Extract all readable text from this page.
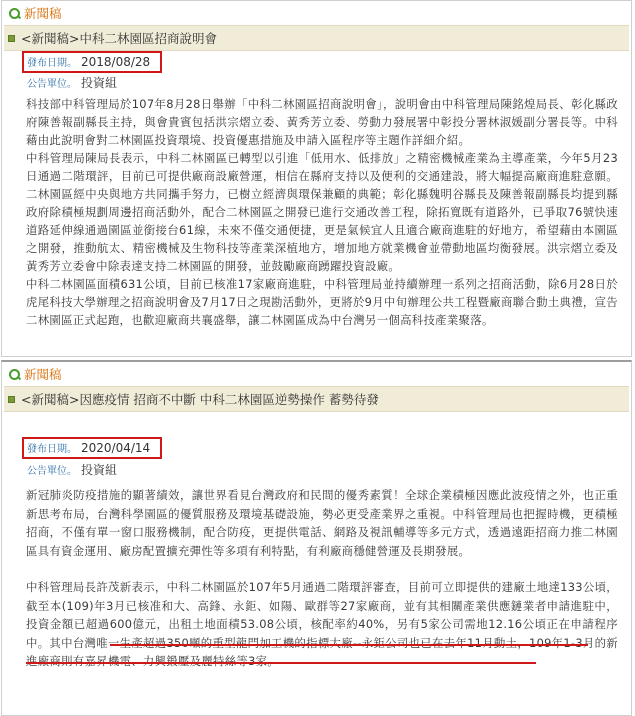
新聞稿
<新聞稿>中科二林園區招商說明會
發布日期。 2018/08/28
公告單位。 投資組

科技部中科管理局於107年8月28日舉辦「中科二林園區招商說明會」，說明會由中科管理局陳銘煌局長、彰化縣政府陳善報副縣長主持，與會貴賓包括洪宗熠立委、黃秀芳立委、勞動力發展署中彰投分署林淑媛副分署長等。中科藉由此說明會對二林園區投資環境、投資優惠措施及申請入區程序等主題作詳細介紹。

中科管理局陳局長表示，中科二林園區已轉型以引進「低用水、低排放」之精密機械產業為主導產業，今年5月23日通過二階環評，目前已可提供廠商設廠營運，相信在縣府支持以及便利的交通建設，將大幅提高廠商進駐意願。二林園區經中央與地方共同攜手努力，已樹立經濟與環保兼顧的典範；彰化縣魏明谷縣長及陳善報副縣長均提到縣政府除積極規劃周邊招商活動外，配合二林園區之開發已進行交通改善工程，除拓寬既有道路外，已爭取76號快速道路延伸線通過園區並銜接台61線，未來不僅交通便捷，更是氣候宜人且適合廠商進駐的好地方，希望藉由本園區之開發，推動航太、精密機械及生物科技等產業深植地方，增加地方就業機會並帶動地區均衡發展。洪宗熠立委及黃秀芳立委會中除表達支持二林園區的開發，並鼓勵廠商踴躍投資設廠。

中科二林園區面積631公頃，目前已核准17家廠商進駐，中科管理局並持續辦理一系列之招商活動，除6月28日於虎尾科技大學辦理之招商說明會及7月17日之現勘活動外，更將於9月中旬辦理公共工程暨廠商聯合動土典禮，宣告二林園區正式起跑，也歡迎廠商共襄盛舉，讓二林園區成為中台灣另一個高科技產業聚落。

新聞稿
<新聞稿>因應疫情 招商不中斷 中科二林園區逆勢操作 蓄勢待發
發布日期。 2020/04/14
公告單位。 投資組

新冠肺炎防疫措施的顯著績效，讓世界看見台灣政府和民間的優秀素質！全球企業積極因應此波疫情之外，也正重新思考布局，台灣科學園區的優質服務及環境基礎設施，勢必更受產業界之重視。中科管理局也把握時機，更積極招商，不僅有單一窗口服務機制，配合防疫，更提供電話、網路及視訊輔導等多元方式，透過遠距招商力推二林園區具有資金運用、廠房配置擴充彈性等多項有利特點，有利廠商穩健營運及長期發展。

中科管理局長許茂新表示，中科二林園區於107年5月通過二階環評審查，目前可立即提供的建廠土地達133公頃，截至本(109)年3月已核准和大、高鋒、永鉅、如陽、歐群等27家廠商，並有其相關產業供應鏈業者申請進駐中，投資金額已超過600億元，出租土地面積53.08公頃，核配率約40%，另有5家公司需地12.16公頃正在申請程序中。其中台灣唯一生產超過350噸的重型龍門加工機的指標大廠--永鉅公司也已在去年11月動土，109年1-3月的新進廠商則有嘉昇機電、力興鍛壓及麗特絲等3家。
